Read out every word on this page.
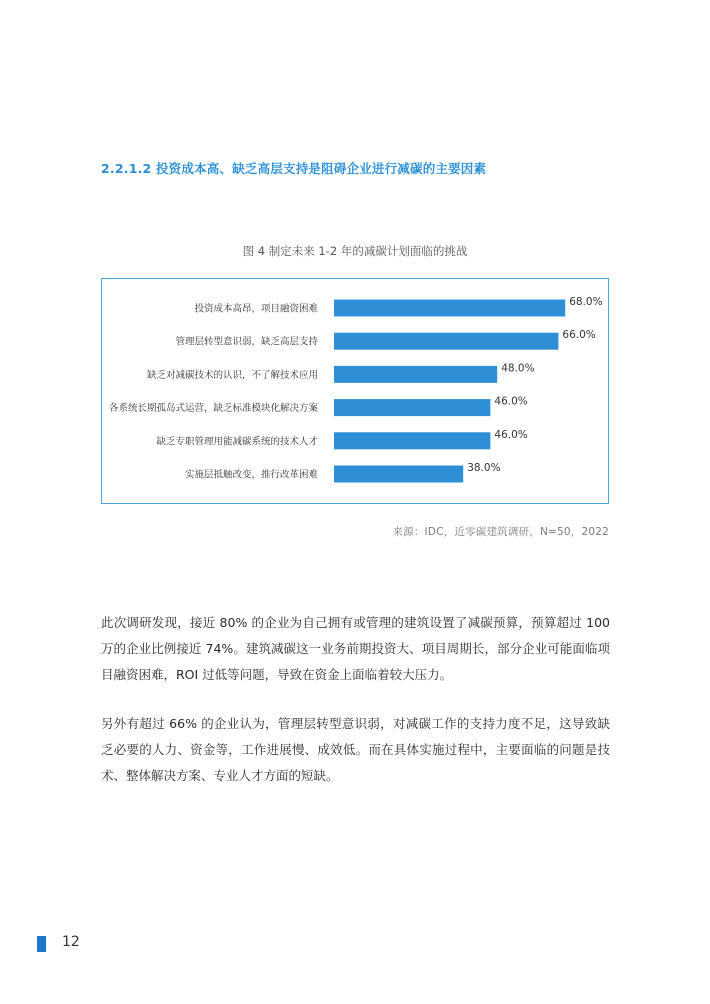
2.2.1.2 投资成本高、缺乏高层支持是阻碍企业进行减碳的主要因素
图 4 制定未来 1-2 年的减碳计划面临的挑战
投资成本高昂，项目融资困难
68.0%
管理层转型意识弱，缺乏高层支持
66.0%
缺乏对减碳技术的认识，不了解技术应用
48.0%
各系统长期孤岛式运营，缺乏标准模块化解决方案
46.0%
缺乏专职管理用能减碳系统的技术人才
46.0%
实施层抵触改变，推行改革困难
38.0%
来源：IDC，近零碳建筑调研，N=50，2022

此次调研发现，接近 80% 的企业为自己拥有或管理的建筑设置了减碳预算，预算超过 100 万的企业比例接近 74%。建筑减碳这一业务前期投资大、项目周期长，部分企业可能面临项目融资困难，ROI 过低等问题，导致在资金上面临着较大压力。

另外有超过 66% 的企业认为，管理层转型意识弱，对减碳工作的支持力度不足，这导致缺乏必要的人力、资金等，工作进展慢、成效低。而在具体实施过程中，主要面临的问题是技术、整体解决方案、专业人才方面的短缺。

12
